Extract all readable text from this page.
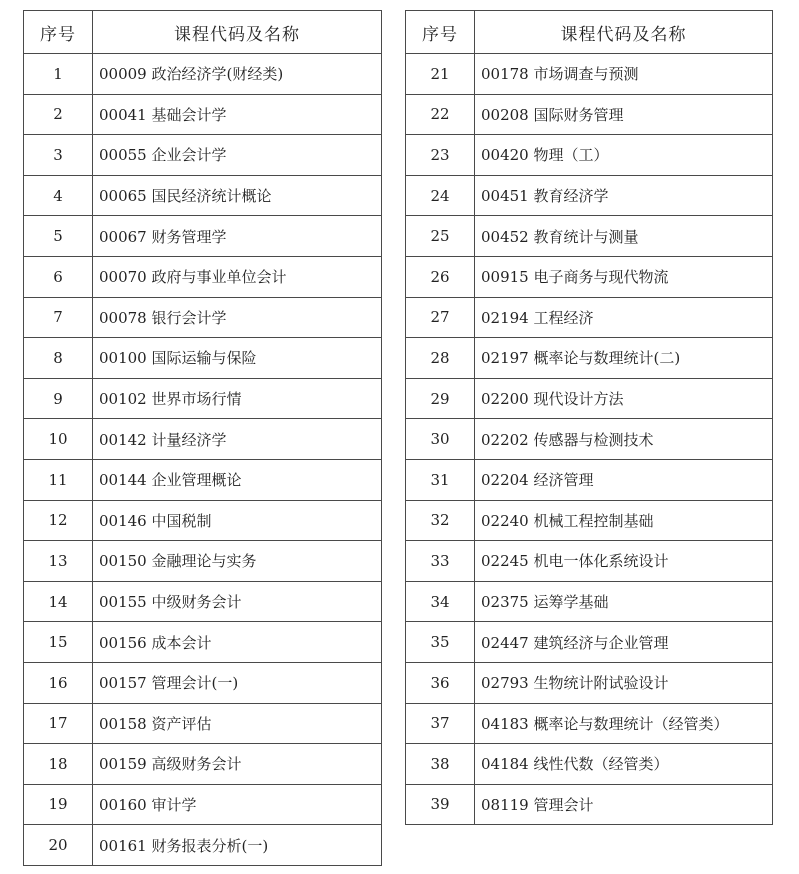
序号	课程代码及名称
1	00009 政治经济学(财经类)
2	00041 基础会计学
3	00055 企业会计学
4	00065 国民经济统计概论
5	00067 财务管理学
6	00070 政府与事业单位会计
7	00078 银行会计学
8	00100 国际运输与保险
9	00102 世界市场行情
10	00142 计量经济学
11	00144 企业管理概论
12	00146 中国税制
13	00150 金融理论与实务
14	00155 中级财务会计
15	00156 成本会计
16	00157 管理会计(一)
17	00158 资产评估
18	00159 高级财务会计
19	00160 审计学
20	00161 财务报表分析(一)
序号	课程代码及名称
21	00178 市场调查与预测
22	00208 国际财务管理
23	00420 物理（工）
24	00451 教育经济学
25	00452 教育统计与测量
26	00915 电子商务与现代物流
27	02194 工程经济
28	02197 概率论与数理统计(二)
29	02200 现代设计方法
30	02202 传感器与检测技术
31	02204 经济管理
32	02240 机械工程控制基础
33	02245 机电一体化系统设计
34	02375 运筹学基础
35	02447 建筑经济与企业管理
36	02793 生物统计附试验设计
37	04183 概率论与数理统计（经管类）
38	04184 线性代数（经管类）
39	08119 管理会计
